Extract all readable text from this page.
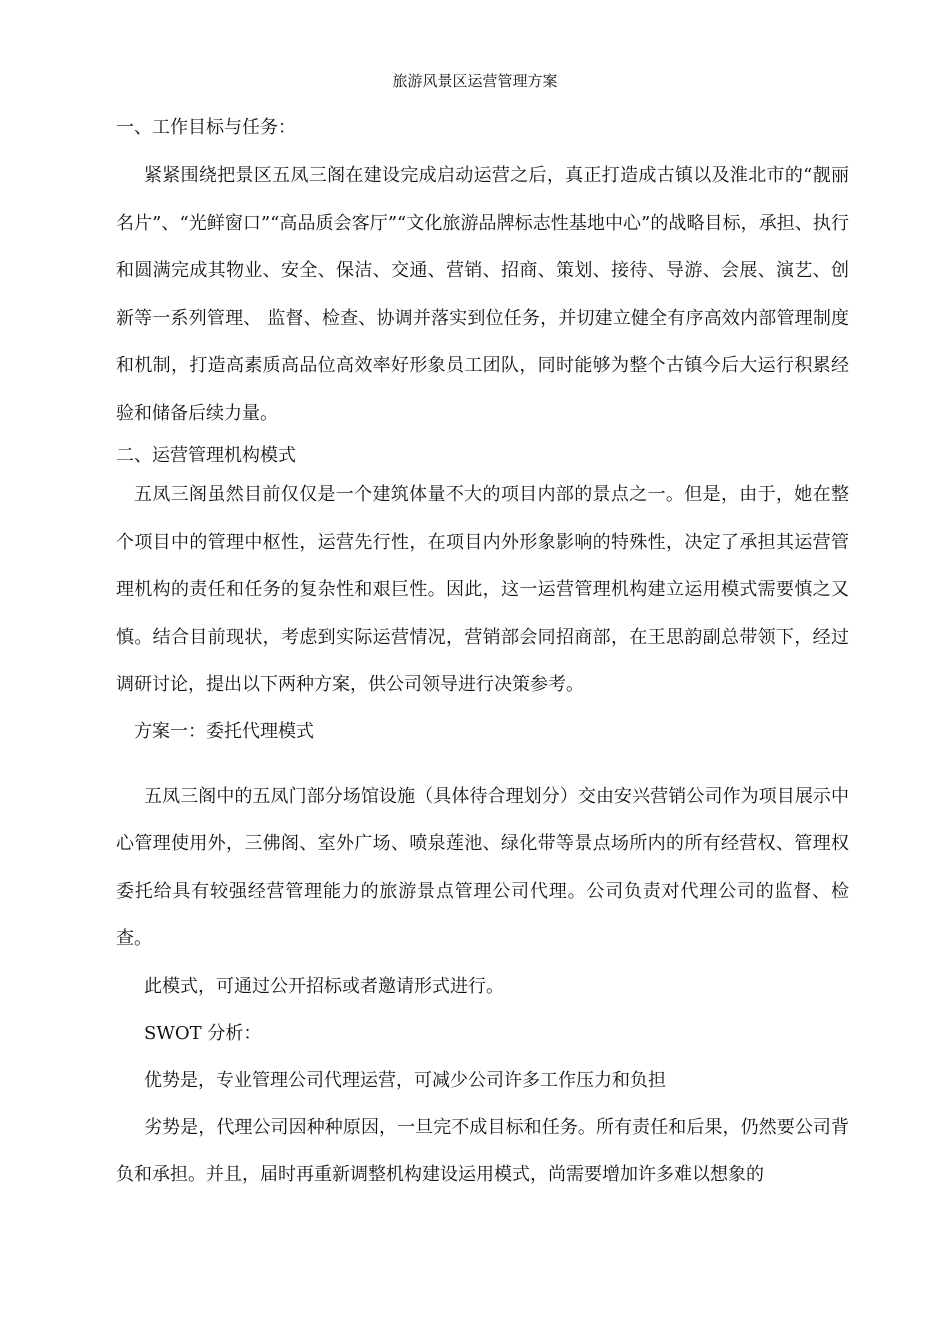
旅游风景区运营管理方案

一、工作目标与任务：

紧紧围绕把景区五凤三阁在建设完成启动运营之后，真正打造成古镇以及淮北市的“靓丽名片”、“光鲜窗口”“高品质会客厅”“文化旅游品牌标志性基地中心”的战略目标，承担、执行和圆满完成其物业、安全、保洁、交通、营销、招商、策划、接待、导游、会展、演艺、创新等一系列管理、 监督、检查、协调并落实到位任务，并切建立健全有序高效内部管理制度和机制，打造高素质高品位高效率好形象员工团队，同时能够为整个古镇今后大运行积累经验和储备后续力量。

二、运营管理机构模式

五凤三阁虽然目前仅仅是一个建筑体量不大的项目内部的景点之一。但是，由于，她在整个项目中的管理中枢性，运营先行性，在项目内外形象影响的特殊性，决定了承担其运营管理机构的责任和任务的复杂性和艰巨性。因此，这一运营管理机构建立运用模式需要慎之又慎。结合目前现状，考虑到实际运营情况，营销部会同招商部，在王思韵副总带领下，经过调研讨论，提出以下两种方案，供公司领导进行决策参考。

方案一：委托代理模式

五凤三阁中的五凤门部分场馆设施（具体待合理划分）交由安兴营销公司作为项目展示中心管理使用外，三佛阁、室外广场、喷泉莲池、绿化带等景点场所内的所有经营权、管理权委托给具有较强经营管理能力的旅游景点管理公司代理。公司负责对代理公司的监督、检查。

此模式，可通过公开招标或者邀请形式进行。

SWOT 分析：

优势是，专业管理公司代理运营，可减少公司许多工作压力和负担

劣势是，代理公司因种种原因，一旦完不成目标和任务。所有责任和后果，仍然要公司背负和承担。并且，届时再重新调整机构建设运用模式，尚需要增加许多难以想象的
